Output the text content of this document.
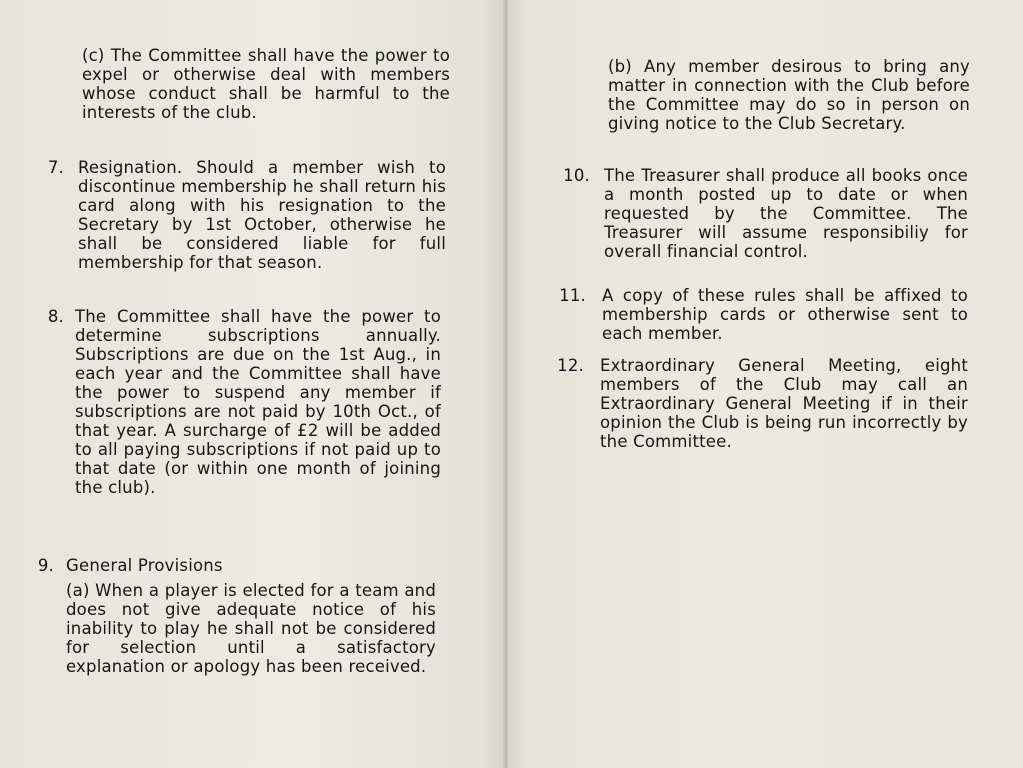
(c) The Committee shall have the power to expel or otherwise deal with members whose conduct shall be harmful to the interests of the club.

7. Resignation. Should a member wish to discontinue membership he shall return his card along with his resignation to the Secretary by 1st October, otherwise he shall be considered liable for full membership for that season.

8. The Committee shall have the power to determine subscriptions annually. Subscriptions are due on the 1st Aug., in each year and the Committee shall have the power to suspend any member if subscriptions are not paid by 10th Oct., of that year. A surcharge of £2 will be added to all paying subscriptions if not paid up to that date (or within one month of joining the club).

9. General Provisions

(a) When a player is elected for a team and does not give adequate notice of his inability to play he shall not be considered for selection until a satisfactory explanation or apology has been received.

(b) Any member desirous to bring any matter in connection with the Club before the Committee may do so in person on giving notice to the Club Secretary.

10. The Treasurer shall produce all books once a month posted up to date or when requested by the Committee. The Treasurer will assume responsibiliy for overall financial control.

11. A copy of these rules shall be affixed to membership cards or otherwise sent to each member.

12. Extraordinary General Meeting, eight members of the Club may call an Extraordinary General Meeting if in their opinion the Club is being run incorrectly by the Committee.
